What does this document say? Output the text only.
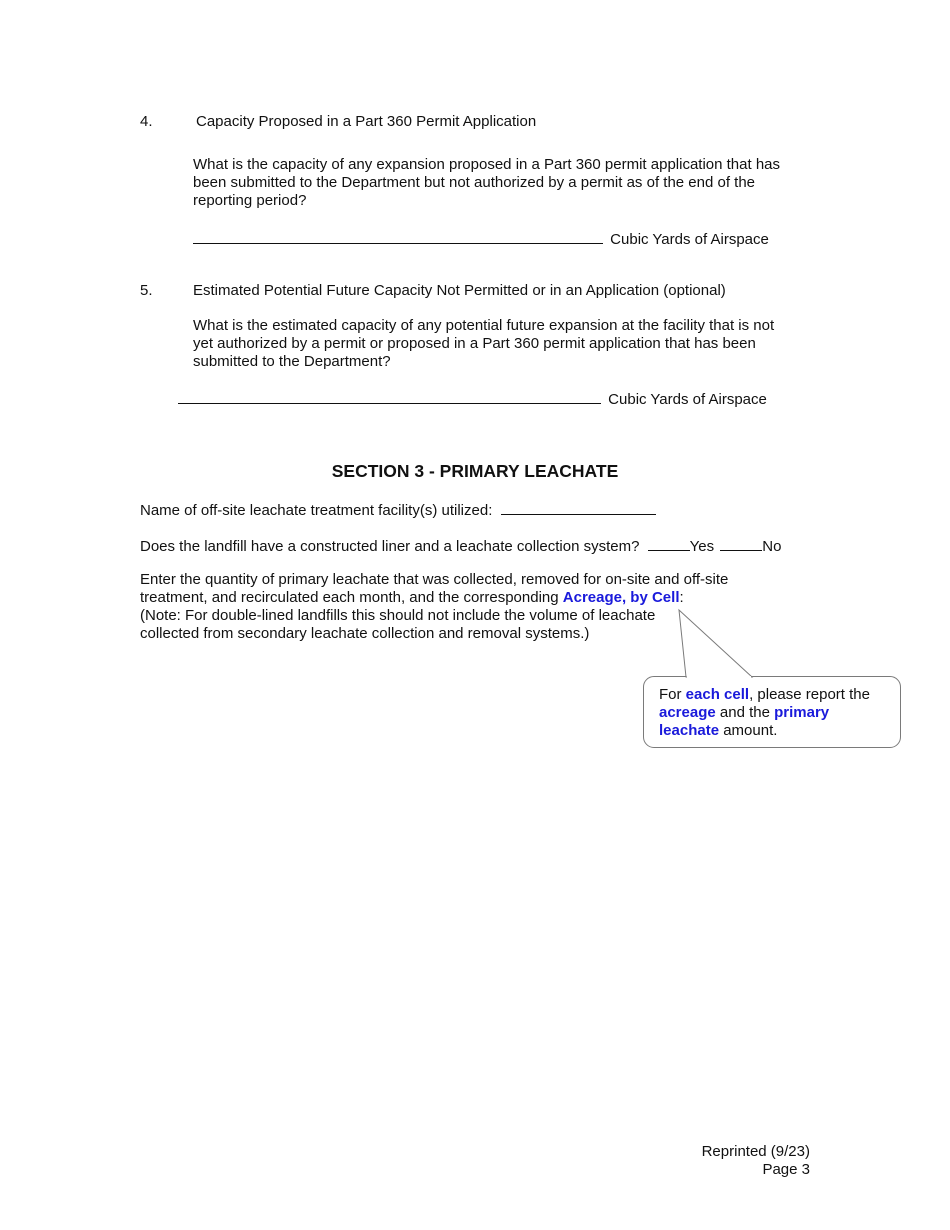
4.	Capacity Proposed in a Part 360 Permit Application
What is the capacity of any expansion proposed in a Part 360 permit application that has
been submitted to the Department but not authorized by a permit as of the end of the
reporting period?
Cubic Yards of Airspace
5.	Estimated Potential Future Capacity Not Permitted or in an Application (optional)
What is the estimated capacity of any potential future expansion at the facility that is not
yet authorized by a permit or proposed in a Part 360 permit application that has been
submitted to the Department?
Cubic Yards of Airspace
SECTION 3 - PRIMARY LEACHATE
Name of off-site leachate treatment facility(s) utilized:
Does the landfill have a constructed liner and a leachate collection system?	Yes	No
Enter the quantity of primary leachate that was collected, removed for on-site and off-site
treatment, and recirculated each month, and the corresponding Acreage, by Cell:
(Note: For double-lined landfills this should not include the volume of leachate
collected from secondary leachate collection and removal systems.)
For each cell, please report the
acreage and the primary
leachate amount.
Reprinted (9/23)
Page 3
